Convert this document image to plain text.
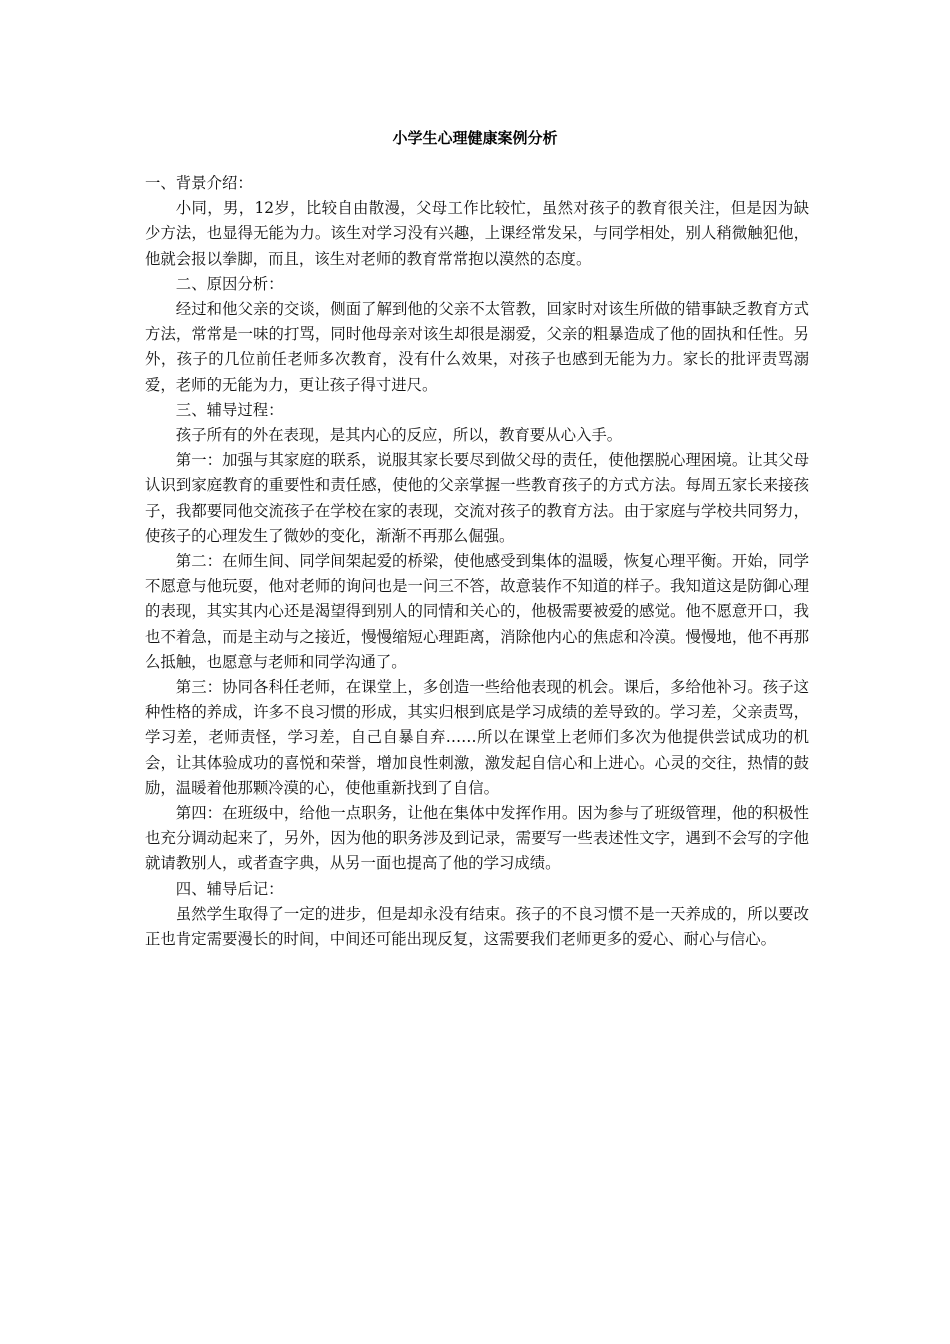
小学生心理健康案例分析

一、背景介绍：

小同，男，12岁，比较自由散漫，父母工作比较忙，虽然对孩子的教育很关注，但是因为缺少方法，也显得无能为力。该生对学习没有兴趣，上课经常发呆，与同学相处，别人稍微触犯他，他就会报以拳脚，而且，该生对老师的教育常常抱以漠然的态度。

二、原因分析：

经过和他父亲的交谈，侧面了解到他的父亲不太管教，回家时对该生所做的错事缺乏教育方式方法，常常是一味的打骂，同时他母亲对该生却很是溺爱，父亲的粗暴造成了他的固执和任性。另外，孩子的几位前任老师多次教育，没有什么效果，对孩子也感到无能为力。家长的批评责骂溺爱，老师的无能为力，更让孩子得寸进尺。

三、辅导过程：

孩子所有的外在表现，是其内心的反应，所以，教育要从心入手。

第一：加强与其家庭的联系，说服其家长要尽到做父母的责任，使他摆脱心理困境。让其父母认识到家庭教育的重要性和责任感，使他的父亲掌握一些教育孩子的方式方法。每周五家长来接孩子，我都要同他交流孩子在学校在家的表现，交流对孩子的教育方法。由于家庭与学校共同努力，使孩子的心理发生了微妙的变化，渐渐不再那么倔强。

第二：在师生间、同学间架起爱的桥梁，使他感受到集体的温暖，恢复心理平衡。开始，同学不愿意与他玩耍，他对老师的询问也是一问三不答，故意装作不知道的样子。我知道这是防御心理的表现，其实其内心还是渴望得到别人的同情和关心的，他极需要被爱的感觉。他不愿意开口，我也不着急，而是主动与之接近，慢慢缩短心理距离，消除他内心的焦虑和冷漠。慢慢地，他不再那么抵触，也愿意与老师和同学沟通了。

第三：协同各科任老师，在课堂上，多创造一些给他表现的机会。课后，多给他补习。孩子这种性格的养成，许多不良习惯的形成，其实归根到底是学习成绩的差导致的。学习差，父亲责骂，学习差，老师责怪，学习差，自己自暴自弃……所以在课堂上老师们多次为他提供尝试成功的机会，让其体验成功的喜悦和荣誉，增加良性刺激，激发起自信心和上进心。心灵的交往，热情的鼓励，温暖着他那颗冷漠的心，使他重新找到了自信。

第四：在班级中，给他一点职务，让他在集体中发挥作用。因为参与了班级管理，他的积极性也充分调动起来了，另外，因为他的职务涉及到记录，需要写一些表述性文字，遇到不会写的字他就请教别人，或者查字典，从另一面也提高了他的学习成绩。

四、辅导后记：

虽然学生取得了一定的进步，但是却永没有结束。孩子的不良习惯不是一天养成的，所以要改正也肯定需要漫长的时间，中间还可能出现反复，这需要我们老师更多的爱心、耐心与信心。
